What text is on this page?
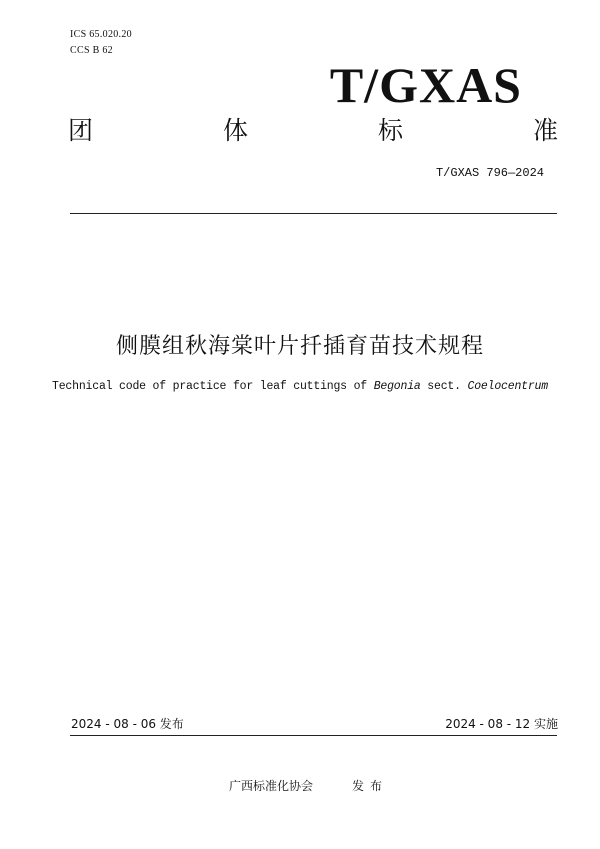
ICS 65.020.20
CCS B 62
T/GXAS
团	体	标	准
T/GXAS 796—2024
侧膜组秋海棠叶片扦插育苗技术规程
Technical code of practice for leaf cuttings of Begonia sect. Coelocentrum
2024 - 08 - 06 发布	2024 - 08 - 12 实施
广西标准化协会	发布
